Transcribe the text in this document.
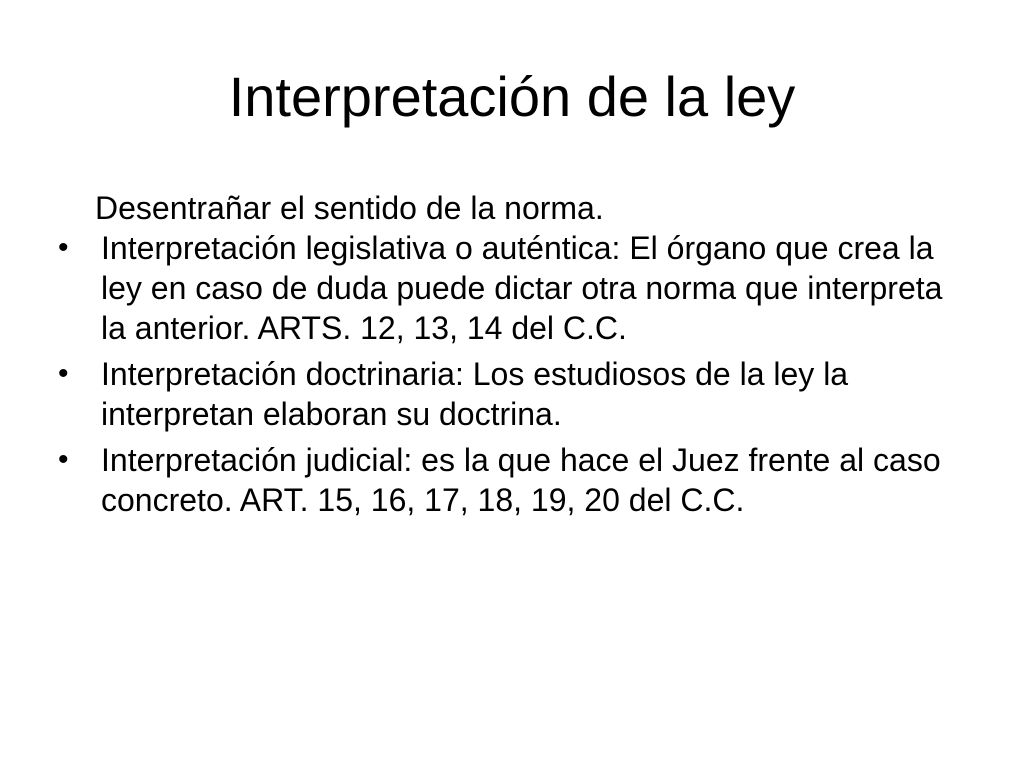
Interpretación de la ley

Desentrañar el sentido de la norma.

• Interpretación legislativa o auténtica: El órgano que crea la ley en caso de duda puede dictar otra norma que interpreta la anterior. ARTS. 12, 13, 14 del C.C.
• Interpretación doctrinaria: Los estudiosos de la ley la interpretan elaboran su doctrina.
• Interpretación judicial: es la que hace el Juez frente al caso concreto. ART. 15, 16, 17, 18, 19, 20 del C.C.
